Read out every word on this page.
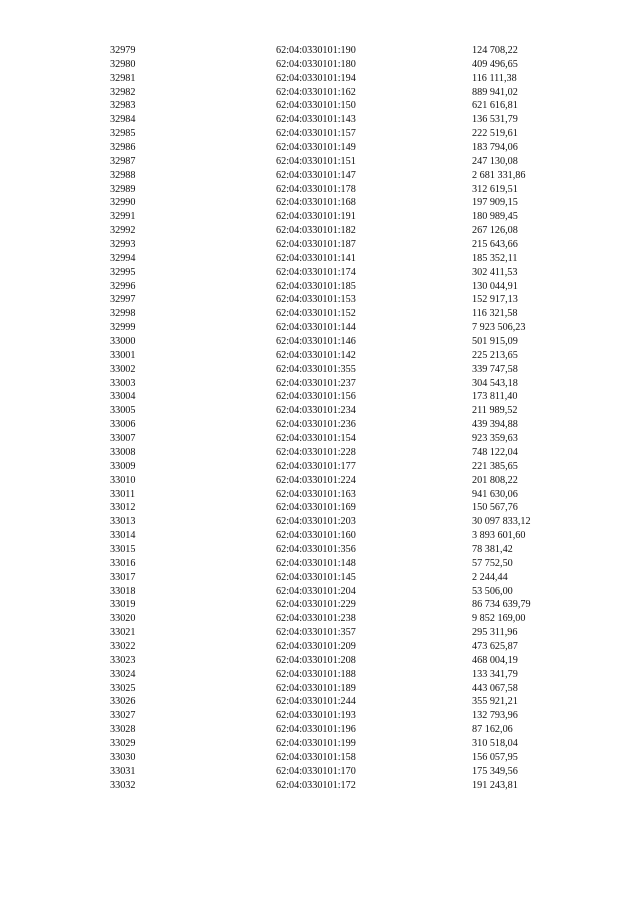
32979	62:04:0330101:190	124 708,22
32980	62:04:0330101:180	409 496,65
32981	62:04:0330101:194	116 111,38
32982	62:04:0330101:162	889 941,02
32983	62:04:0330101:150	621 616,81
32984	62:04:0330101:143	136 531,79
32985	62:04:0330101:157	222 519,61
32986	62:04:0330101:149	183 794,06
32987	62:04:0330101:151	247 130,08
32988	62:04:0330101:147	2 681 331,86
32989	62:04:0330101:178	312 619,51
32990	62:04:0330101:168	197 909,15
32991	62:04:0330101:191	180 989,45
32992	62:04:0330101:182	267 126,08
32993	62:04:0330101:187	215 643,66
32994	62:04:0330101:141	185 352,11
32995	62:04:0330101:174	302 411,53
32996	62:04:0330101:185	130 044,91
32997	62:04:0330101:153	152 917,13
32998	62:04:0330101:152	116 321,58
32999	62:04:0330101:144	7 923 506,23
33000	62:04:0330101:146	501 915,09
33001	62:04:0330101:142	225 213,65
33002	62:04:0330101:355	339 747,58
33003	62:04:0330101:237	304 543,18
33004	62:04:0330101:156	173 811,40
33005	62:04:0330101:234	211 989,52
33006	62:04:0330101:236	439 394,88
33007	62:04:0330101:154	923 359,63
33008	62:04:0330101:228	748 122,04
33009	62:04:0330101:177	221 385,65
33010	62:04:0330101:224	201 808,22
33011	62:04:0330101:163	941 630,06
33012	62:04:0330101:169	150 567,76
33013	62:04:0330101:203	30 097 833,12
33014	62:04:0330101:160	3 893 601,60
33015	62:04:0330101:356	78 381,42
33016	62:04:0330101:148	57 752,50
33017	62:04:0330101:145	2 244,44
33018	62:04:0330101:204	53 506,00
33019	62:04:0330101:229	86 734 639,79
33020	62:04:0330101:238	9 852 169,00
33021	62:04:0330101:357	295 311,96
33022	62:04:0330101:209	473 625,87
33023	62:04:0330101:208	468 004,19
33024	62:04:0330101:188	133 341,79
33025	62:04:0330101:189	443 067,58
33026	62:04:0330101:244	355 921,21
33027	62:04:0330101:193	132 793,96
33028	62:04:0330101:196	87 162,06
33029	62:04:0330101:199	310 518,04
33030	62:04:0330101:158	156 057,95
33031	62:04:0330101:170	175 349,56
33032	62:04:0330101:172	191 243,81
